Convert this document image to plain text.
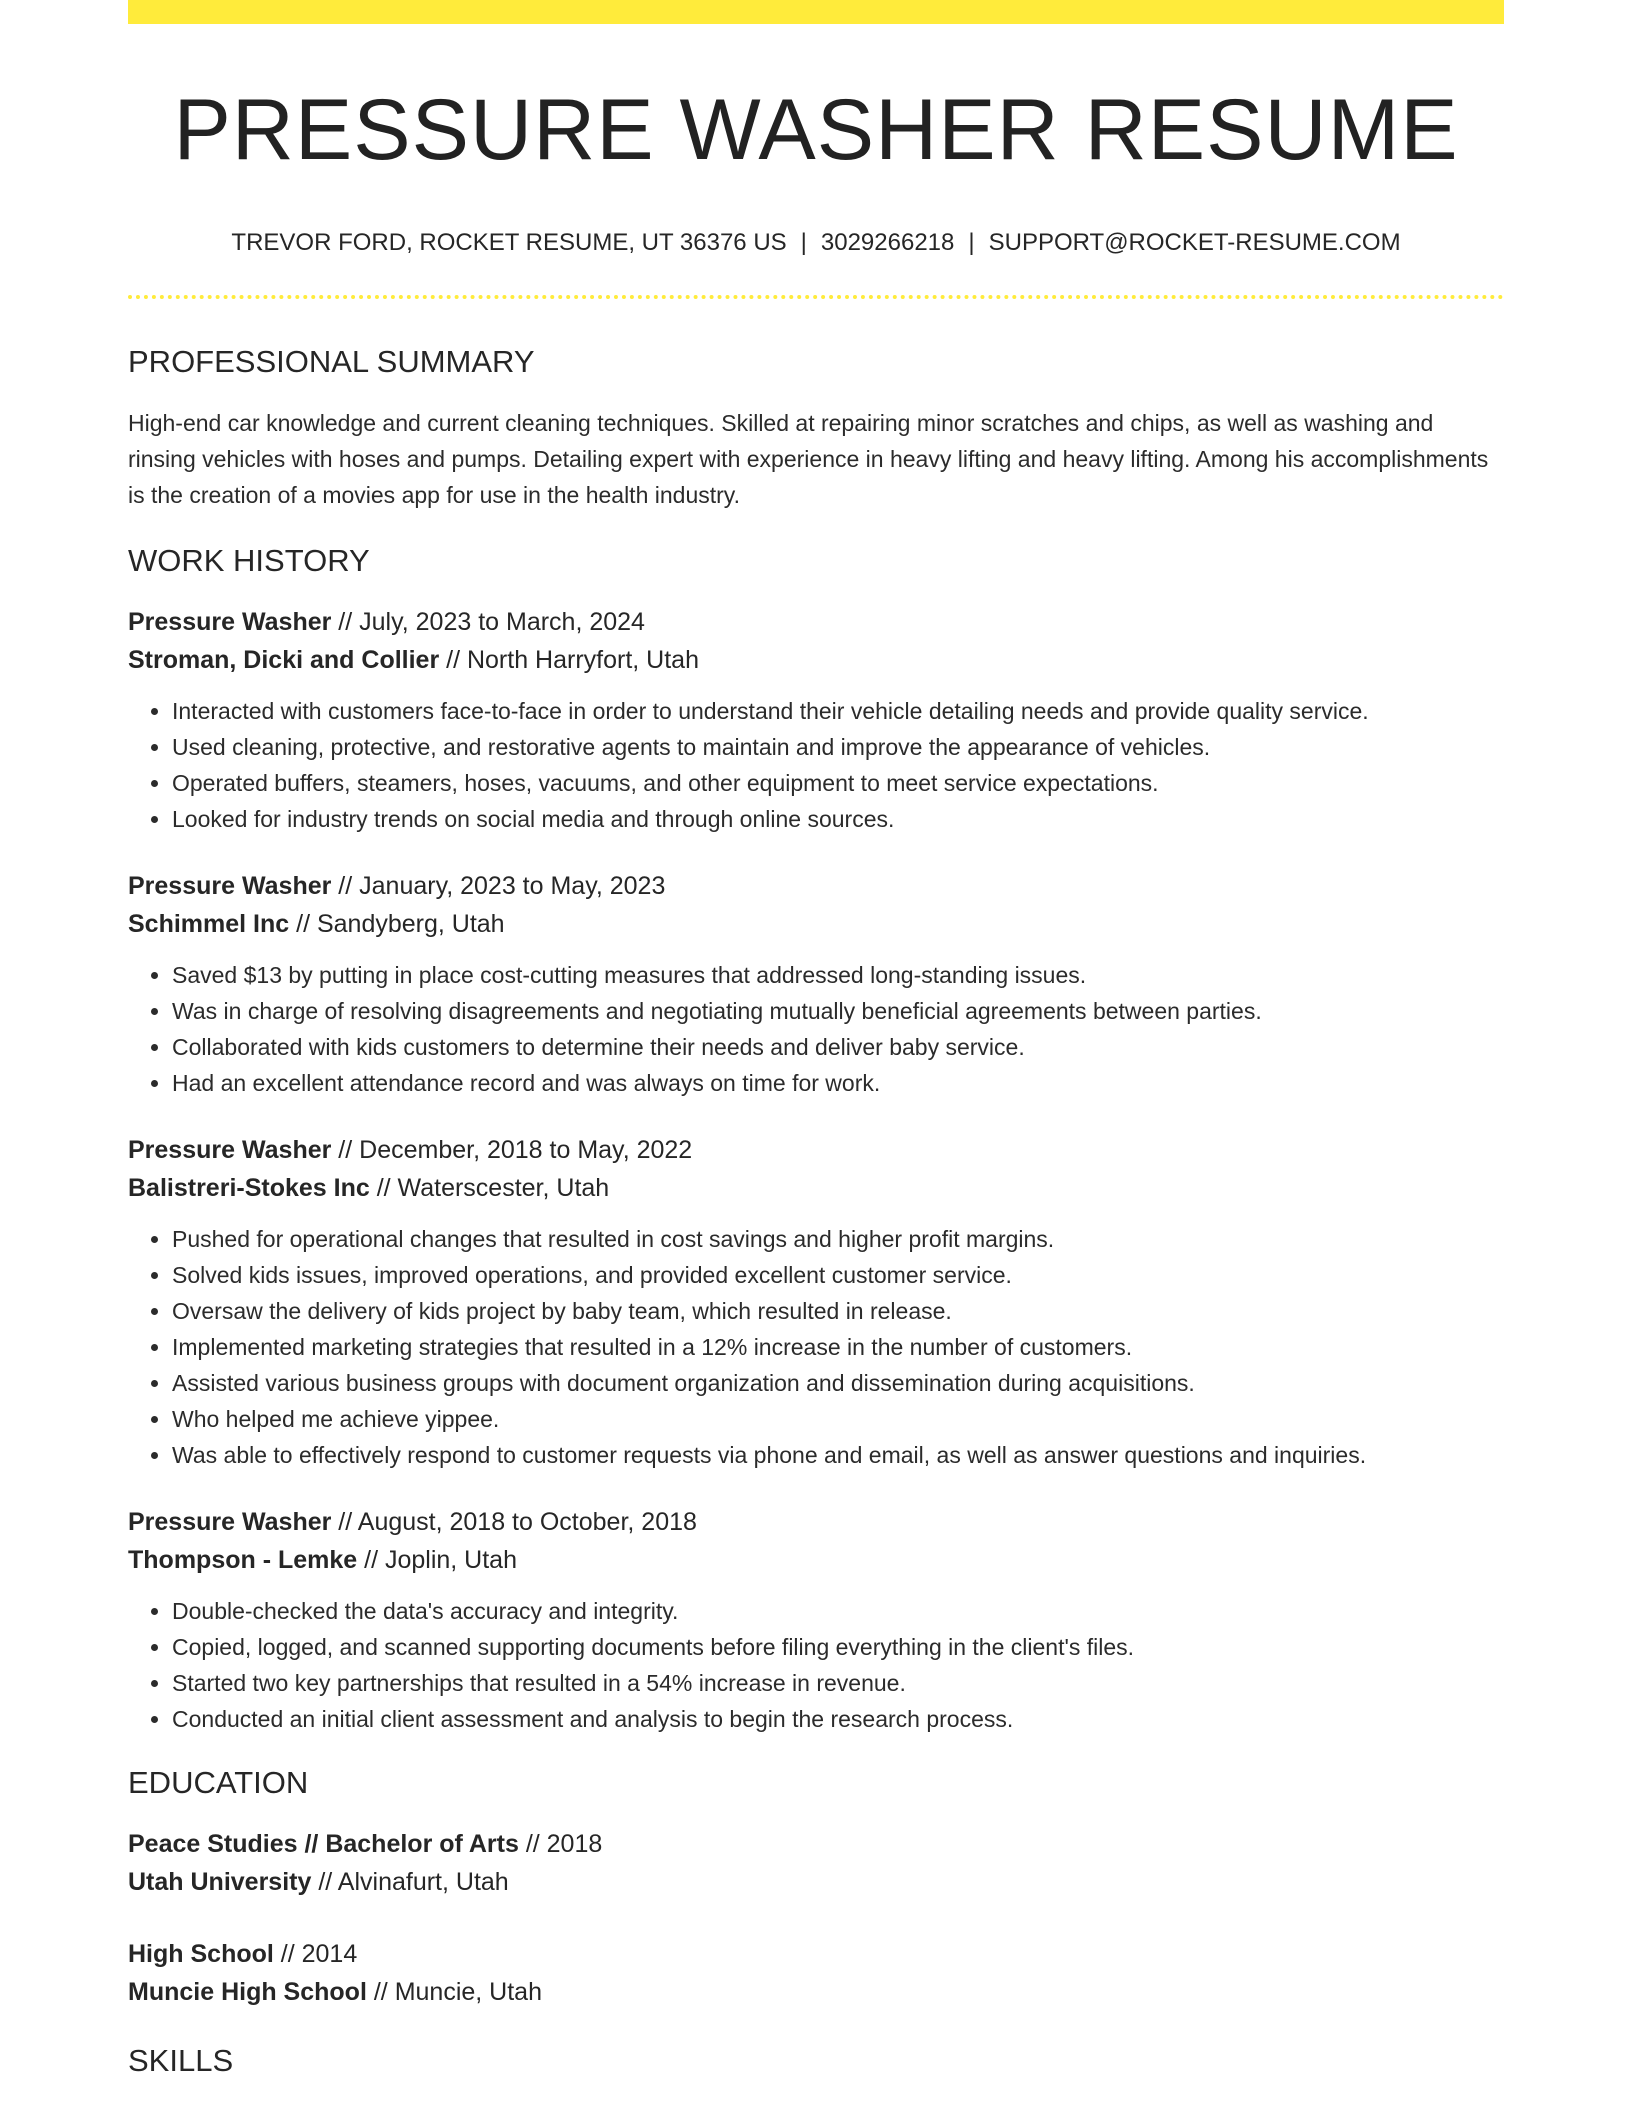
PRESSURE WASHER RESUME
TREVOR FORD, ROCKET RESUME, UT 36376 US | 3029266218 | SUPPORT@ROCKET-RESUME.COM
PROFESSIONAL SUMMARY
High-end car knowledge and current cleaning techniques. Skilled at repairing minor scratches and chips, as well as washing and rinsing vehicles with hoses and pumps. Detailing expert with experience in heavy lifting and heavy lifting. Among his accomplishments is the creation of a movies app for use in the health industry.
WORK HISTORY
Pressure Washer // July, 2023 to March, 2024
Stroman, Dicki and Collier // North Harryfort, Utah
• Interacted with customers face-to-face in order to understand their vehicle detailing needs and provide quality service.
• Used cleaning, protective, and restorative agents to maintain and improve the appearance of vehicles.
• Operated buffers, steamers, hoses, vacuums, and other equipment to meet service expectations.
• Looked for industry trends on social media and through online sources.
Pressure Washer // January, 2023 to May, 2023
Schimmel Inc // Sandyberg, Utah
• Saved $13 by putting in place cost-cutting measures that addressed long-standing issues.
• Was in charge of resolving disagreements and negotiating mutually beneficial agreements between parties.
• Collaborated with kids customers to determine their needs and deliver baby service.
• Had an excellent attendance record and was always on time for work.
Pressure Washer // December, 2018 to May, 2022
Balistreri-Stokes Inc // Waterscester, Utah
• Pushed for operational changes that resulted in cost savings and higher profit margins.
• Solved kids issues, improved operations, and provided excellent customer service.
• Oversaw the delivery of kids project by baby team, which resulted in release.
• Implemented marketing strategies that resulted in a 12% increase in the number of customers.
• Assisted various business groups with document organization and dissemination during acquisitions.
• Who helped me achieve yippee.
• Was able to effectively respond to customer requests via phone and email, as well as answer questions and inquiries.
Pressure Washer // August, 2018 to October, 2018
Thompson - Lemke // Joplin, Utah
• Double-checked the data's accuracy and integrity.
• Copied, logged, and scanned supporting documents before filing everything in the client's files.
• Started two key partnerships that resulted in a 54% increase in revenue.
• Conducted an initial client assessment and analysis to begin the research process.
EDUCATION
Peace Studies // Bachelor of Arts // 2018
Utah University // Alvinafurt, Utah
High School // 2014
Muncie High School // Muncie, Utah
SKILLS
